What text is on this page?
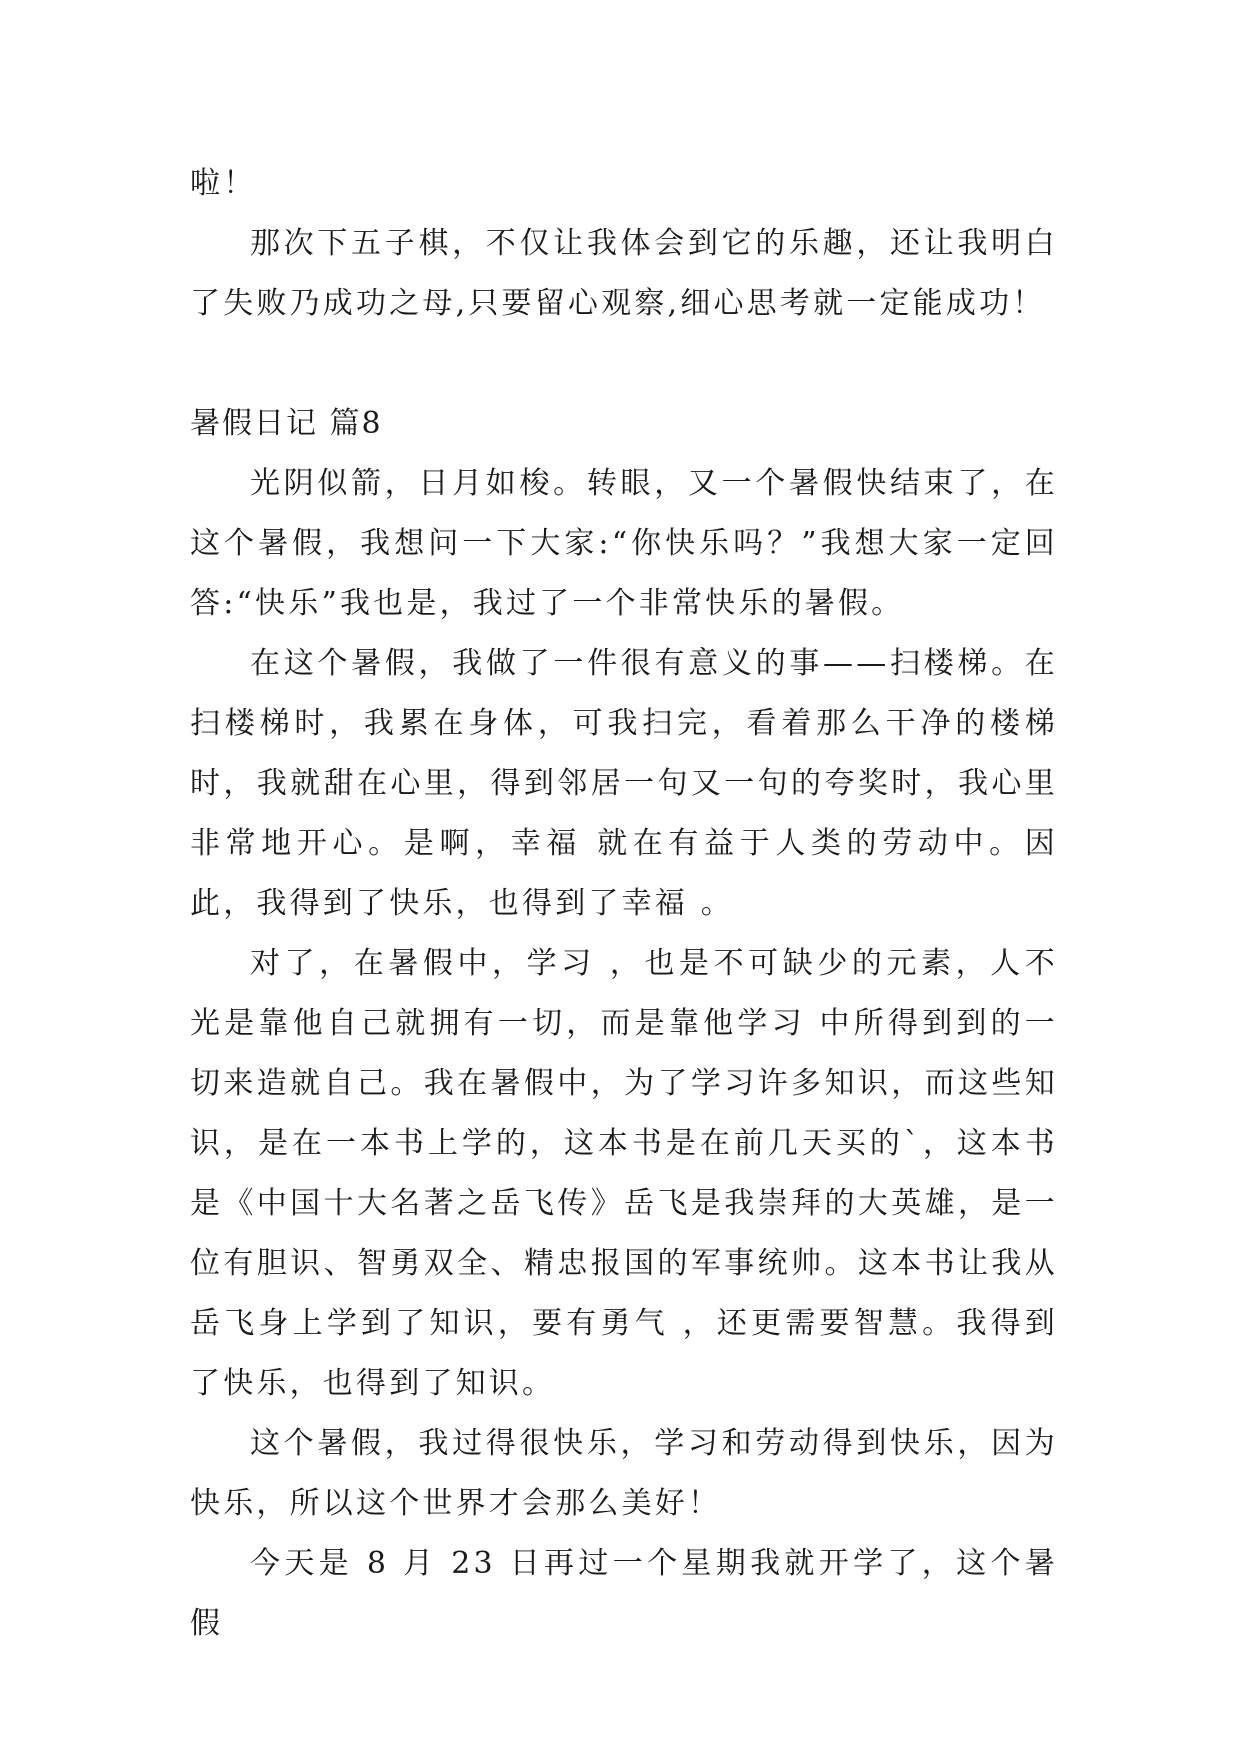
啦！

那次下五子棋，不仅让我体会到它的乐趣，还让我明白了失败乃成功之母,只要留心观察,细心思考就一定能成功！

暑假日记 篇8

光阴似箭，日月如梭。转眼，又一个暑假快结束了，在这个暑假，我想问一下大家:“你快乐吗？”我想大家一定回答:“快乐”我也是，我过了一个非常快乐的暑假。

在这个暑假，我做了一件很有意义的事——扫楼梯。在扫楼梯时，我累在身体，可我扫完，看着那么干净的楼梯时，我就甜在心里，得到邻居一句又一句的夸奖时，我心里非常地开心。是啊，幸福 就在有益于人类的劳动中。因此，我得到了快乐，也得到了幸福 。

对了，在暑假中，学习 ，也是不可缺少的元素，人不光是靠他自己就拥有一切，而是靠他学习 中所得到到的一切来造就自己。我在暑假中，为了学习许多知识，而这些知识，是在一本书上学的，这本书是在前几天买的`，这本书是《中国十大名著之岳飞传》岳飞是我崇拜的大英雄，是一位有胆识、智勇双全、精忠报国的军事统帅。这本书让我从岳飞身上学到了知识，要有勇气 ，还更需要智慧。我得到了快乐，也得到了知识。

这个暑假，我过得很快乐，学习和劳动得到快乐，因为快乐，所以这个世界才会那么美好！

今天是 8 月 23 日再过一个星期我就开学了，这个暑假
